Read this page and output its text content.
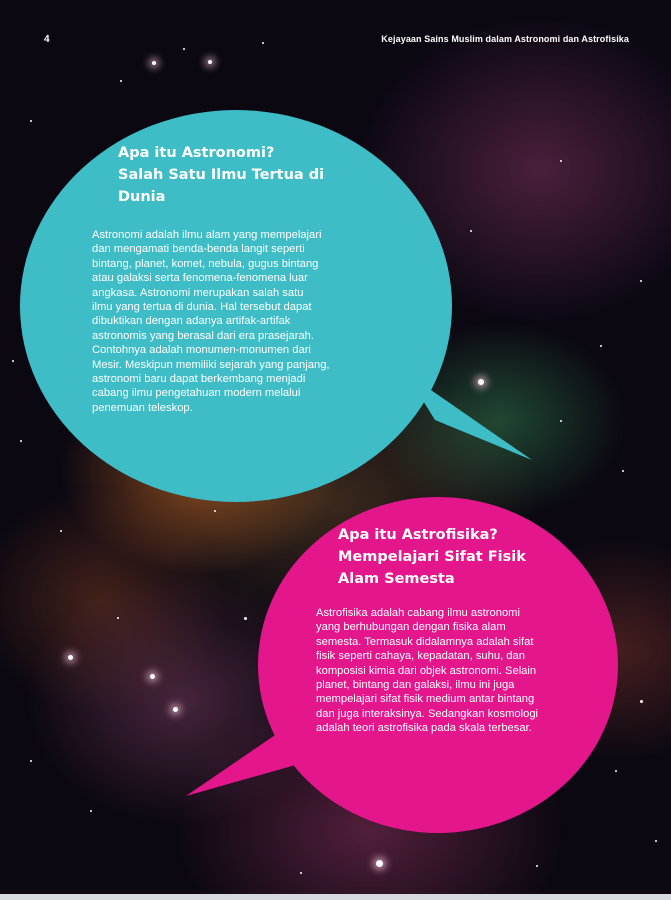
4	Kejayaan Sains Muslim dalam Astronomi dan Astrofisika
Apa itu Astronomi?
Salah Satu Ilmu Tertua di
Dunia

Astronomi adalah ilmu alam yang mempelajari
dan mengamati benda-benda langit seperti
bintang, planet, komet, nebula, gugus bintang
atau galaksi serta fenomena-fenomena luar
angkasa. Astronomi merupakan salah satu
ilmu yang tertua di dunia. Hal tersebut dapat
dibuktikan dengan adanya artifak-artifak
astronomis yang berasal dari era prasejarah.
Contohnya adalah monumen-monumen dari
Mesir. Meskipun memiliki sejarah yang panjang,
astronomi baru dapat berkembang menjadi
cabang ilmu pengetahuan modern melalui
penemuan teleskop.

Apa itu Astrofisika?
Mempelajari Sifat Fisik
Alam Semesta

Astrofisika adalah cabang ilmu astronomi
yang berhubungan dengan fisika alam
semesta. Termasuk didalamnya adalah sifat
fisik seperti cahaya, kepadatan, suhu, dan
komposisi kimia dari objek astronomi. Selain
planet, bintang dan galaksi, ilmu ini juga
mempelajari sifat fisik medium antar bintang
dan juga interaksinya. Sedangkan kosmologi
adalah teori astrofisika pada skala terbesar.
